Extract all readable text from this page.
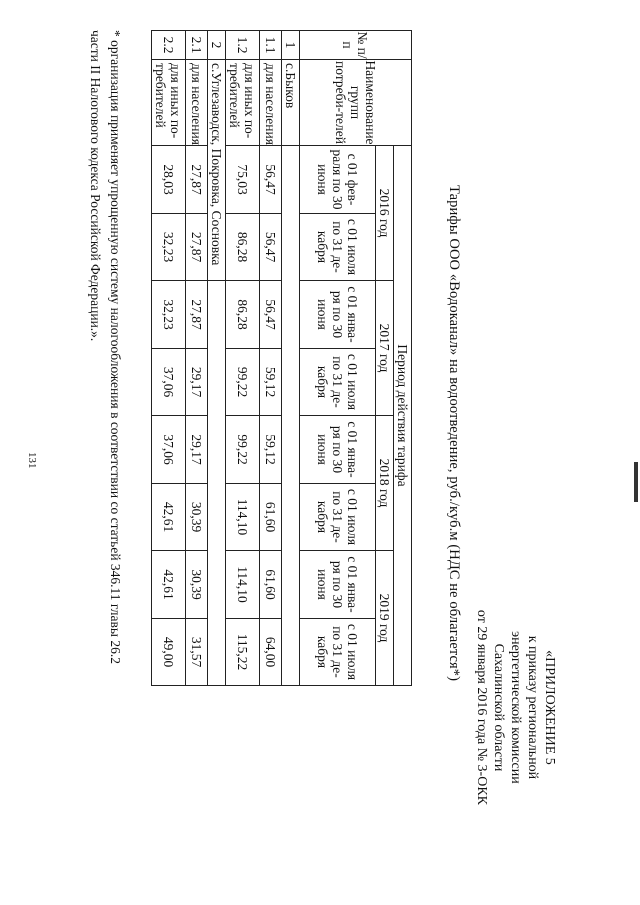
131
«ПРИЛОЖЕНИЕ 5
к приказу региональной
энергетической комиссии
Сахалинской области
от 29 января 2016 года № 3-ОКК
Тарифы ООО «Водоканал» на водоотведение, руб./куб.м (НДС не облагается*)
№ п/п	Наименование групп потреби-телей	Период действия тарифа							
		2016 год		2017 год		2018 год		2019 год	
		с 01 фев-раля по 30 июня	с 01 июля по 31 де-кабря	с 01 янва-ря по 30 июня	с 01 июля по 31 де-кабря	с 01 янва-ря по 30 июня	с 01 июля по 31 де-кабря	с 01 янва-ря по 30 июня	с 01 июля по 31 де-кабря
1	с.Быков								
1.1	для населения	56,47	56,47	56,47	59,12	59,12	61,60	61,60	64,00
1.2	для иных по-требителей	75,03	86,28	86,28	99,22	99,22	114,10	114,10	115,22
2	с.Углезаводск, Покровка, Сосновка								
2.1	для населения	27,87	27,87	27,87	29,17	29,17	30,39	30,39	31,57
2.2	для иных по-требителей	28,03	32,23	32,23	37,06	37,06	42,61	42,61	49,00
* организация применяет упрощенную систему налогообложения в соответствии со статьей 346.11 главы 26.2
части II Налогового кодекса Российской Федерации.».
